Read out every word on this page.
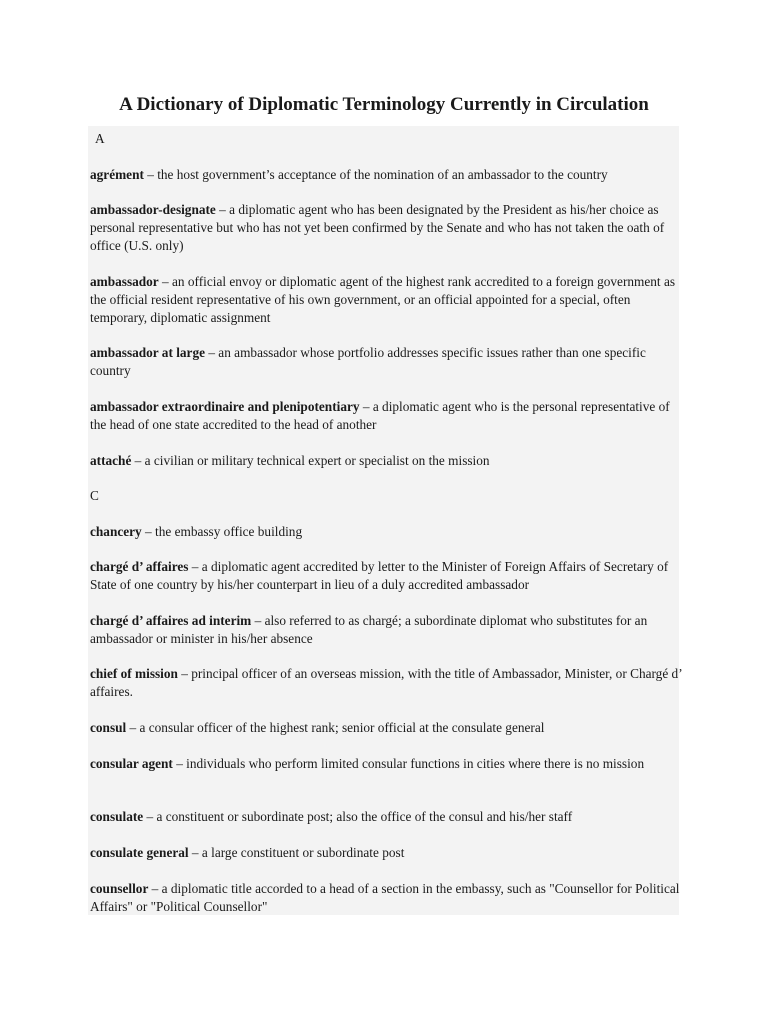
A Dictionary of Diplomatic Terminology Currently in Circulation

A

agrément – the host government’s acceptance of the nomination of an ambassador to the country

ambassador-designate – a diplomatic agent who has been designated by the President as his/her choice as personal representative but who has not yet been confirmed by the Senate and who has not taken the oath of office (U.S. only)

ambassador – an official envoy or diplomatic agent of the highest rank accredited to a foreign government as the official resident representative of his own government, or an official appointed for a special, often temporary, diplomatic assignment

ambassador at large – an ambassador whose portfolio addresses specific issues rather than one specific country

ambassador extraordinaire and plenipotentiary – a diplomatic agent who is the personal representative of the head of one state accredited to the head of another

attaché – a civilian or military technical expert or specialist on the mission

C

chancery – the embassy office building

chargé d’ affaires – a diplomatic agent accredited by letter to the Minister of Foreign Affairs of Secretary of State of one country by his/her counterpart in lieu of a duly accredited ambassador

chargé d’ affaires ad interim – also referred to as chargé; a subordinate diplomat who substitutes for an ambassador or minister in his/her absence

chief of mission – principal officer of an overseas mission, with the title of Ambassador, Minister, or Chargé d’ affaires.

consul – a consular officer of the highest rank; senior official at the consulate general

consular agent – individuals who perform limited consular functions in cities where there is no mission

consulate – a constituent or subordinate post; also the office of the consul and his/her staff

consulate general – a large constituent or subordinate post

counsellor – a diplomatic title accorded to a head of a section in the embassy, such as "Counsellor for Political Affairs" or "Political Counsellor"
